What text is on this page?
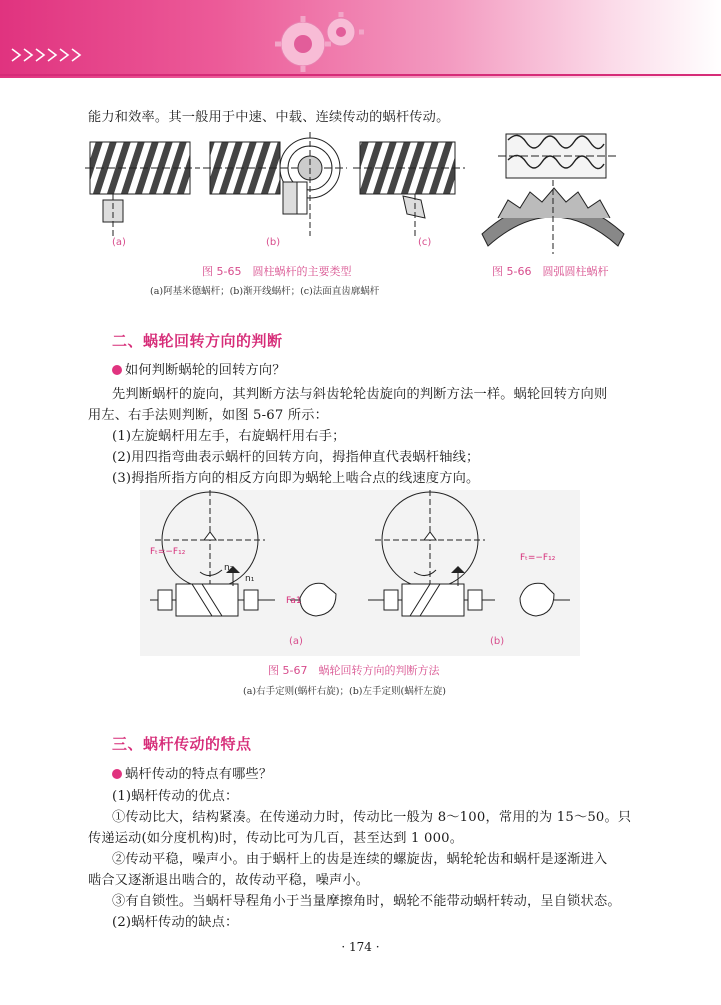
能力和效率。其一般用于中速、中载、连续传动的蜗杆传动。
(a)	(b)	(c)
图 5-65　圆柱蜗杆的主要类型
(a)阿基米德蜗杆；(b)渐开线蜗杆；(c)法面直齿廓蜗杆
图 5-66　圆弧圆柱蜗杆
二、蜗轮回转方向的判断
如何判断蜗轮的回转方向？
先判断蜗杆的旋向，其判断方法与斜齿轮轮齿旋向的判断方法一样。蜗轮回转方向则
用左、右手法则判断，如图 5-67 所示：
(1)左旋蜗杆用左手，右旋蜗杆用右手；
(2)用四指弯曲表示蜗杆的回转方向，拇指伸直代表蜗杆轴线；
(3)拇指所指方向的相反方向即为蜗轮上啮合点的线速度方向。
Fₜ=−F₁₂
Fₜ=−F₁₂
n₂
n₁
Fa1
(a)	(b)
图 5-67　蜗轮回转方向的判断方法
(a)右手定则(蜗杆右旋)；(b)左手定则(蜗杆左旋)
三、蜗杆传动的特点
蜗杆传动的特点有哪些？
(1)蜗杆传动的优点：
①传动比大，结构紧凑。在传递动力时，传动比一般为 8～100，常用的为 15～50。只
传递运动(如分度机构)时，传动比可为几百，甚至达到 1 000。
②传动平稳，噪声小。由于蜗杆上的齿是连续的螺旋齿，蜗轮轮齿和蜗杆是逐渐进入
啮合又逐渐退出啮合的，故传动平稳，噪声小。
③有自锁性。当蜗杆导程角小于当量摩擦角时，蜗轮不能带动蜗杆转动，呈自锁状态。
(2)蜗杆传动的缺点：
· 174 ·
